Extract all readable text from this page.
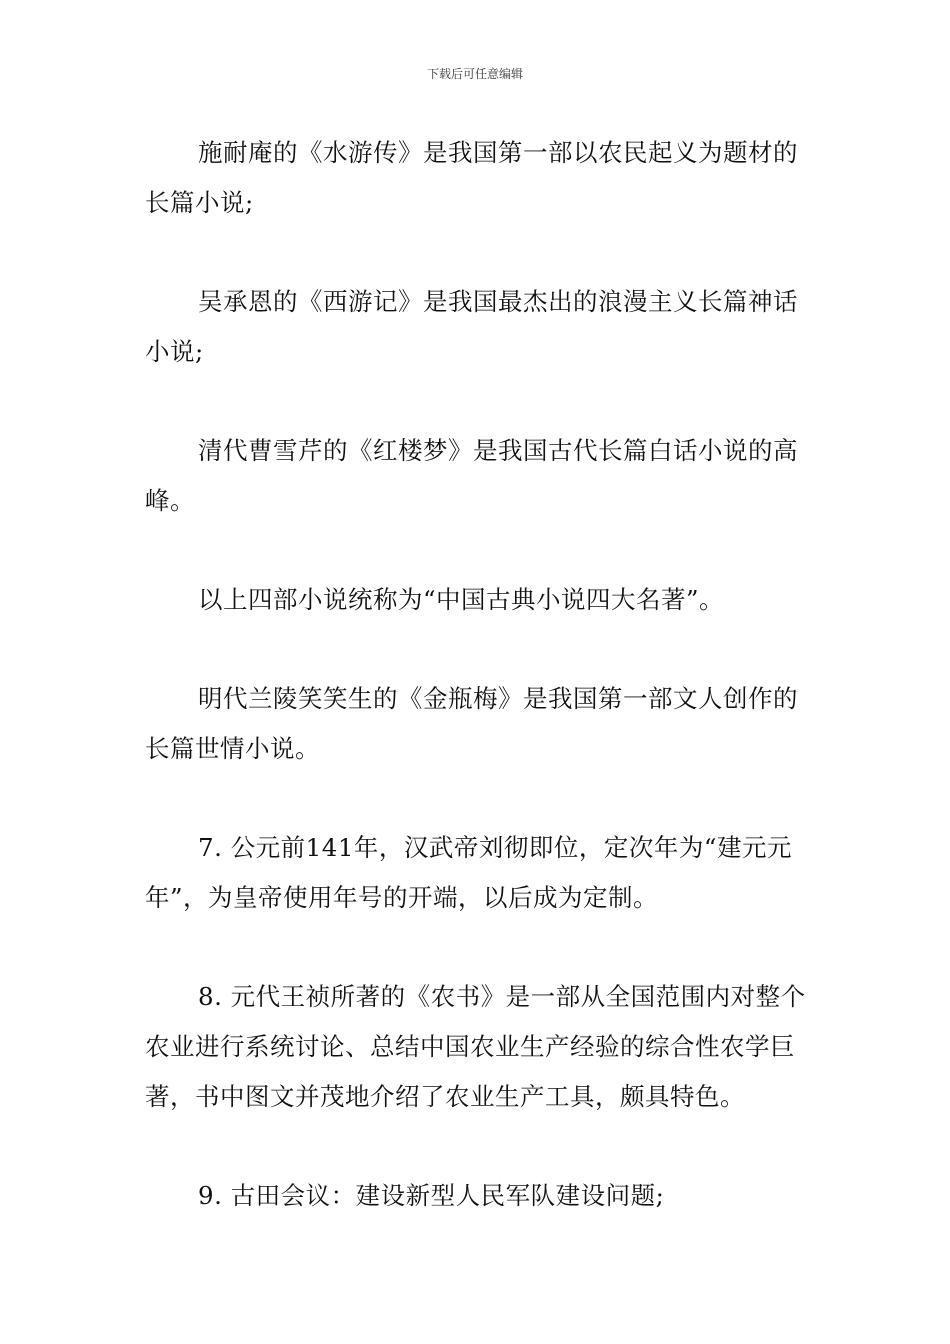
下载后可任意编辑

施耐庵的《水游传》是我国第一部以农民起义为题材的长篇小说;

吴承恩的《西游记》是我国最杰出的浪漫主义长篇神话小说;

清代曹雪芹的《红楼梦》是我国古代长篇白话小说的高峰。

以上四部小说统称为“中国古典小说四大名著”。

明代兰陵笑笑生的《金瓶梅》是我国第一部文人创作的长篇世情小说。

7. 公元前141年，汉武帝刘彻即位，定次年为“建元元年”，为皇帝使用年号的开端，以后成为定制。

8. 元代王祯所著的《农书》是一部从全国范围内对整个农业进行系统讨论、总结中国农业生产经验的综合性农学巨著，书中图文并茂地介绍了农业生产工具，颇具特色。

9. 古田会议：建设新型人民军队建设问题;
